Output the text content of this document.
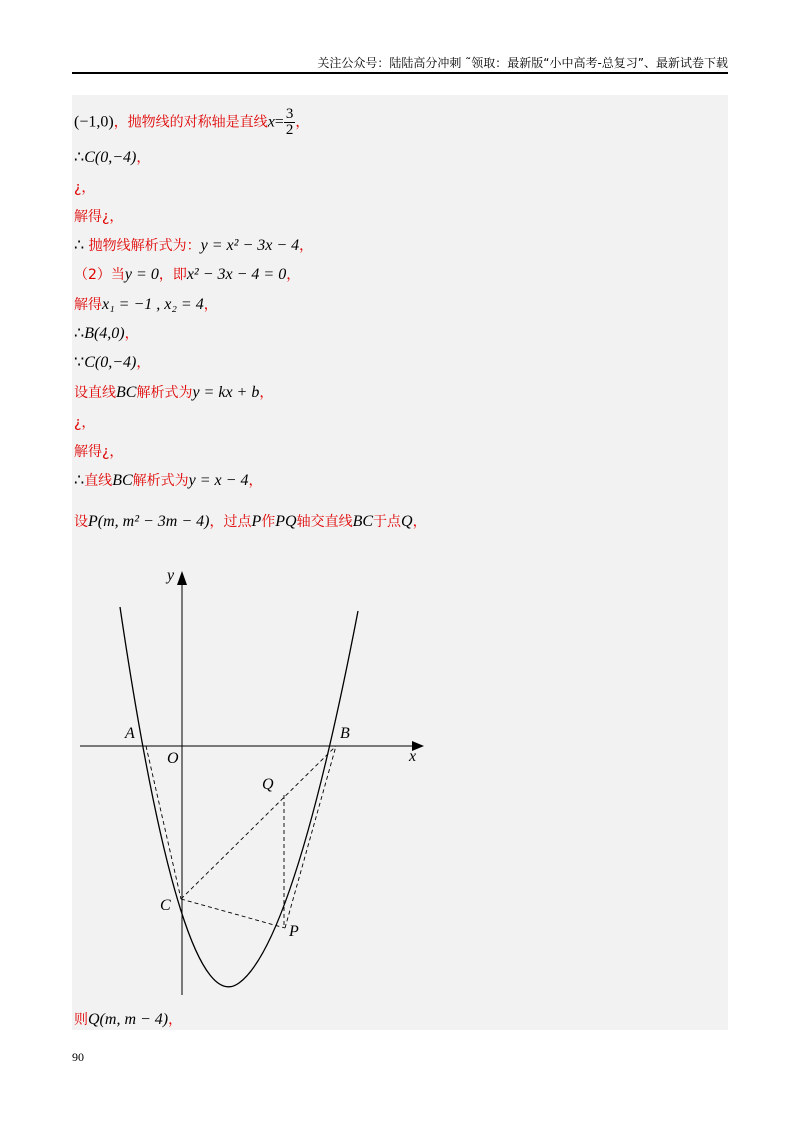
关注公众号：陆陆高分冲刺 ˜领取：最新版“小中高考-总复习”、最新试卷下载
(−1,0)，抛物线的对称轴是直线$x= \frac{3}{2}$ ，
∴C(0,−4)，
¿，
解得¿，
∴ 抛物线解析式为：y = x² − 3x − 4，
（2）当y = 0，即x² − 3x − 4 = 0，
解得x₁ = −1 , x₂ = 4，
∴B(4,0)，
∵C(0,−4)，
设直线BC解析式为y = kx + b，
¿，
解得¿，
∴直线BC解析式为y = x − 4，
设P(m, m² − 3m − 4)，过点P作PQ轴交直线BC于点Q，
y
x
A	B
O
Q
C
P
则Q(m, m − 4)，
90
